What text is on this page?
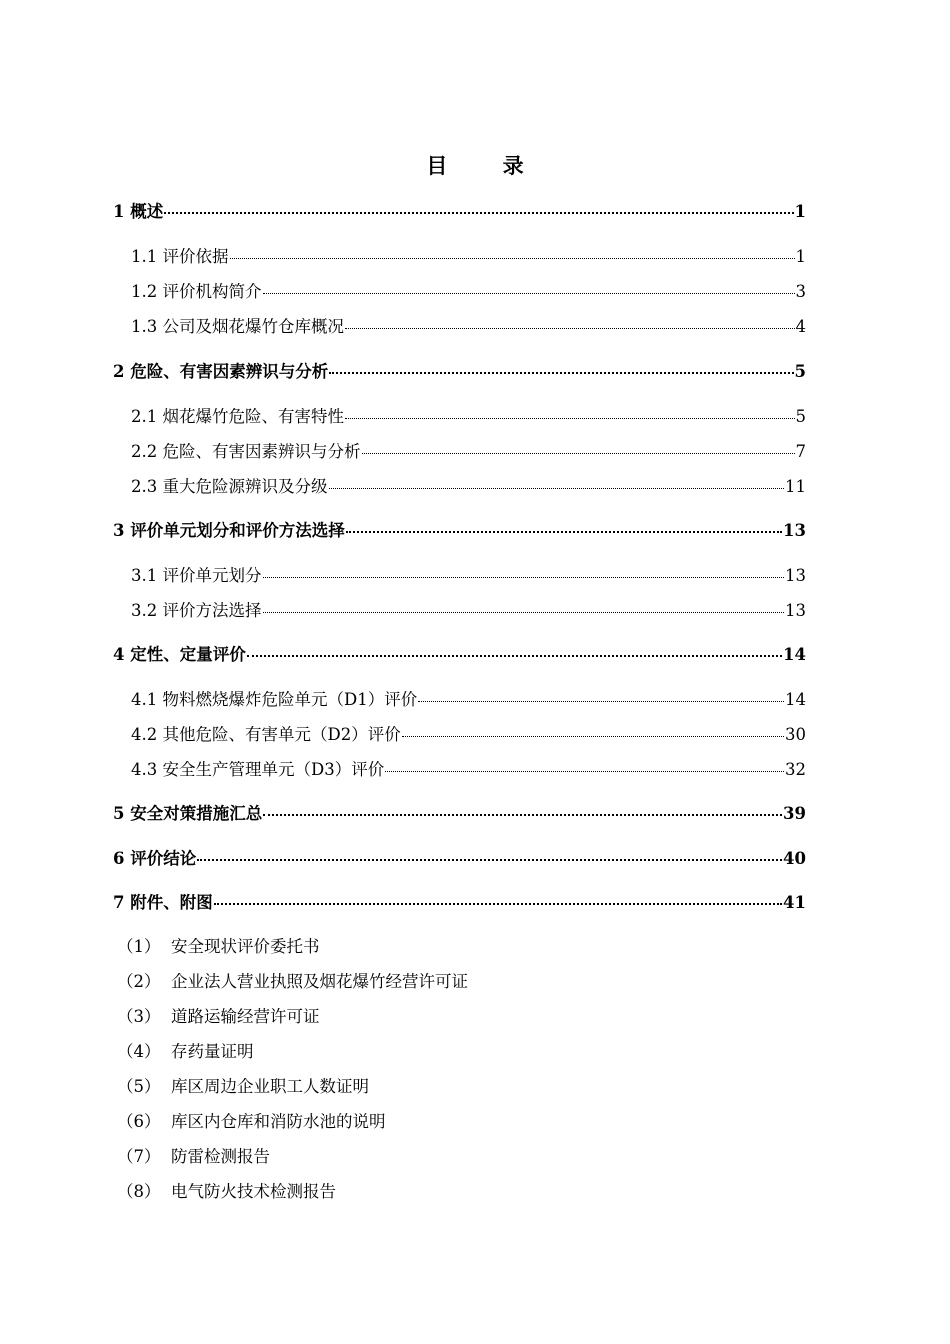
目 录
1 概述	1
1.1 评价依据	1
1.2 评价机构简介	3
1.3 公司及烟花爆竹仓库概况	4
2 危险、有害因素辨识与分析	5
2.1 烟花爆竹危险、有害特性	5
2.2 危险、有害因素辨识与分析	7
2.3 重大危险源辨识及分级	11
3 评价单元划分和评价方法选择	13
3.1 评价单元划分	13
3.2 评价方法选择	13
4 定性、定量评价	14
4.1 物料燃烧爆炸危险单元（D1）评价	14
4.2 其他危险、有害单元（D2）评价	30
4.3 安全生产管理单元（D3）评价	32
5 安全对策措施汇总	39
6 评价结论	40
7 附件、附图	41
（1） 安全现状评价委托书
（2） 企业法人营业执照及烟花爆竹经营许可证
（3） 道路运输经营许可证
（4） 存药量证明
（5） 库区周边企业职工人数证明
（6） 库区内仓库和消防水池的说明
（7） 防雷检测报告
（8） 电气防火技术检测报告
